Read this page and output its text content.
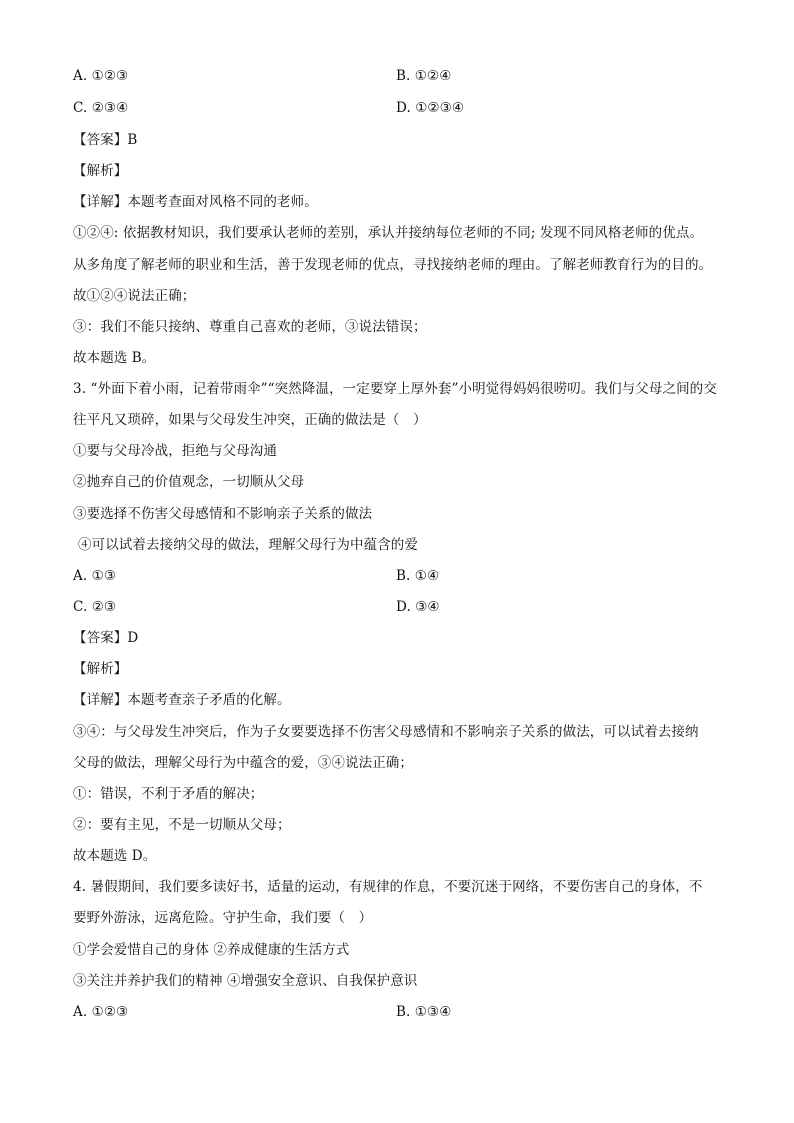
A. ①②③	B. ①②④
C. ②③④	D. ①②③④
【答案】B
【解析】
【详解】本题考查面对风格不同的老师。
①②④: 依据教材知识，我们要承认老师的差别，承认并接纳每位老师的不同; 发现不同风格老师的优点。
从多角度了解老师的职业和生活，善于发现老师的优点，寻找接纳老师的理由。了解老师教育行为的目的。
故①②④说法正确；
③：我们不能只接纳、尊重自己喜欢的老师，③说法错误；
故本题选 B。
3. “外面下着小雨，记着带雨伞”“突然降温，一定要穿上厚外套”小明觉得妈妈很唠叨。我们与父母之间的交
往平凡又琐碎，如果与父母发生冲突，正确的做法是（　）
①要与父母冷战，拒绝与父母沟通
②抛弃自己的价值观念，一切顺从父母
③要选择不伤害父母感情和不影响亲子关系的做法
④可以试着去接纳父母的做法，理解父母行为中蕴含的爱
A. ①③	B. ①④
C. ②③	D. ③④
【答案】D
【解析】
【详解】本题考查亲子矛盾的化解。
③④：与父母发生冲突后，作为子女要要选择不伤害父母感情和不影响亲子关系的做法，可以试着去接纳
父母的做法，理解父母行为中蕴含的爱，③④说法正确；
①：错误，不利于矛盾的解决；
②：要有主见，不是一切顺从父母；
故本题选 D。
4. 暑假期间，我们要多读好书，适量的运动，有规律的作息，不要沉迷于网络，不要伤害自己的身体，不
要野外游泳，远离危险。守护生命，我们要（　）
①学会爱惜自己的身体 ②养成健康的生活方式
③关注并养护我们的精神 ④增强安全意识、自我保护意识
A. ①②③	B. ①③④
